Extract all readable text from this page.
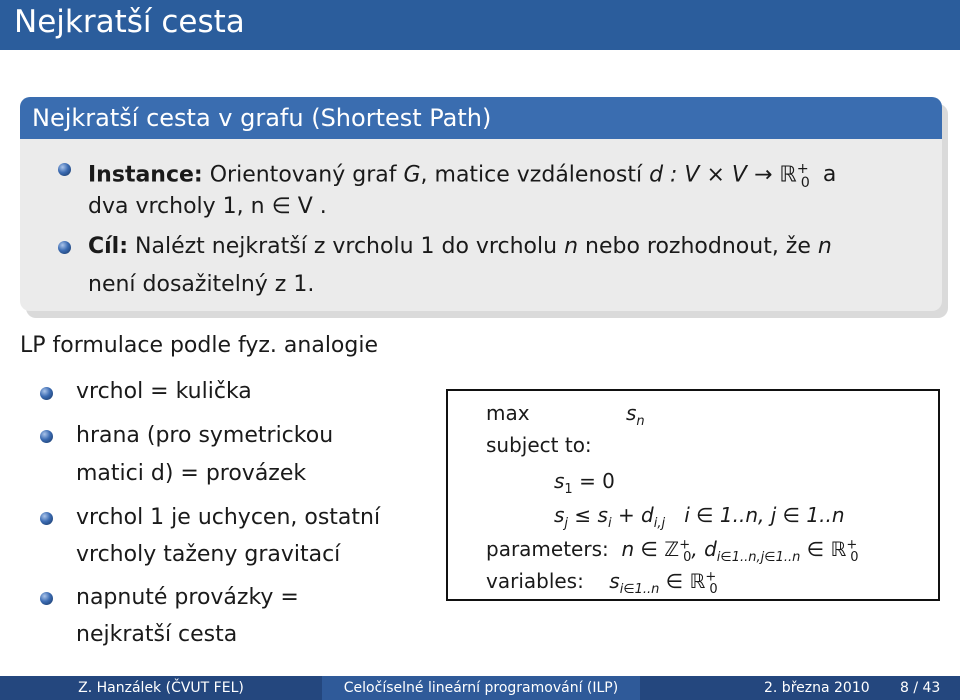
Nejkratší cesta
Nejkratší cesta v grafu (Shortest Path)
Instance: Orientovaný graf G, matice vzdáleností d : V × V → ℝ+$_0$ a
dva vrcholy 1, n ∈ V .
Cíl: Nalézt nejkratší z vrcholu 1 do vrcholu n nebo rozhodnout, že n
není dosažitelný z 1.
LP formulace podle fyz. analogie
vrchol = kulička
hrana (pro symetrickou
matici d) = provázek
vrchol 1 je uchycen, ostatní
vrcholy taženy gravitací
napnuté provázky =
nejkratší cesta
max	$s_n$
subject to:
$s_1 = 0$
$s_j \le s_i + d_{i,j}$ i ∈ 1..n, j ∈ 1..n
parameters: n ∈ ℤ+$_0$, $d_{i\in 1..n,j\in 1..n}$ ∈ ℝ+$_0$
variables: $s_{i\in 1..n}$ ∈ ℝ+$_0$
Z. Hanzálek (ČVUT FEL)	Celočíselné lineární programování (ILP)	2. března 2010 8 / 43
